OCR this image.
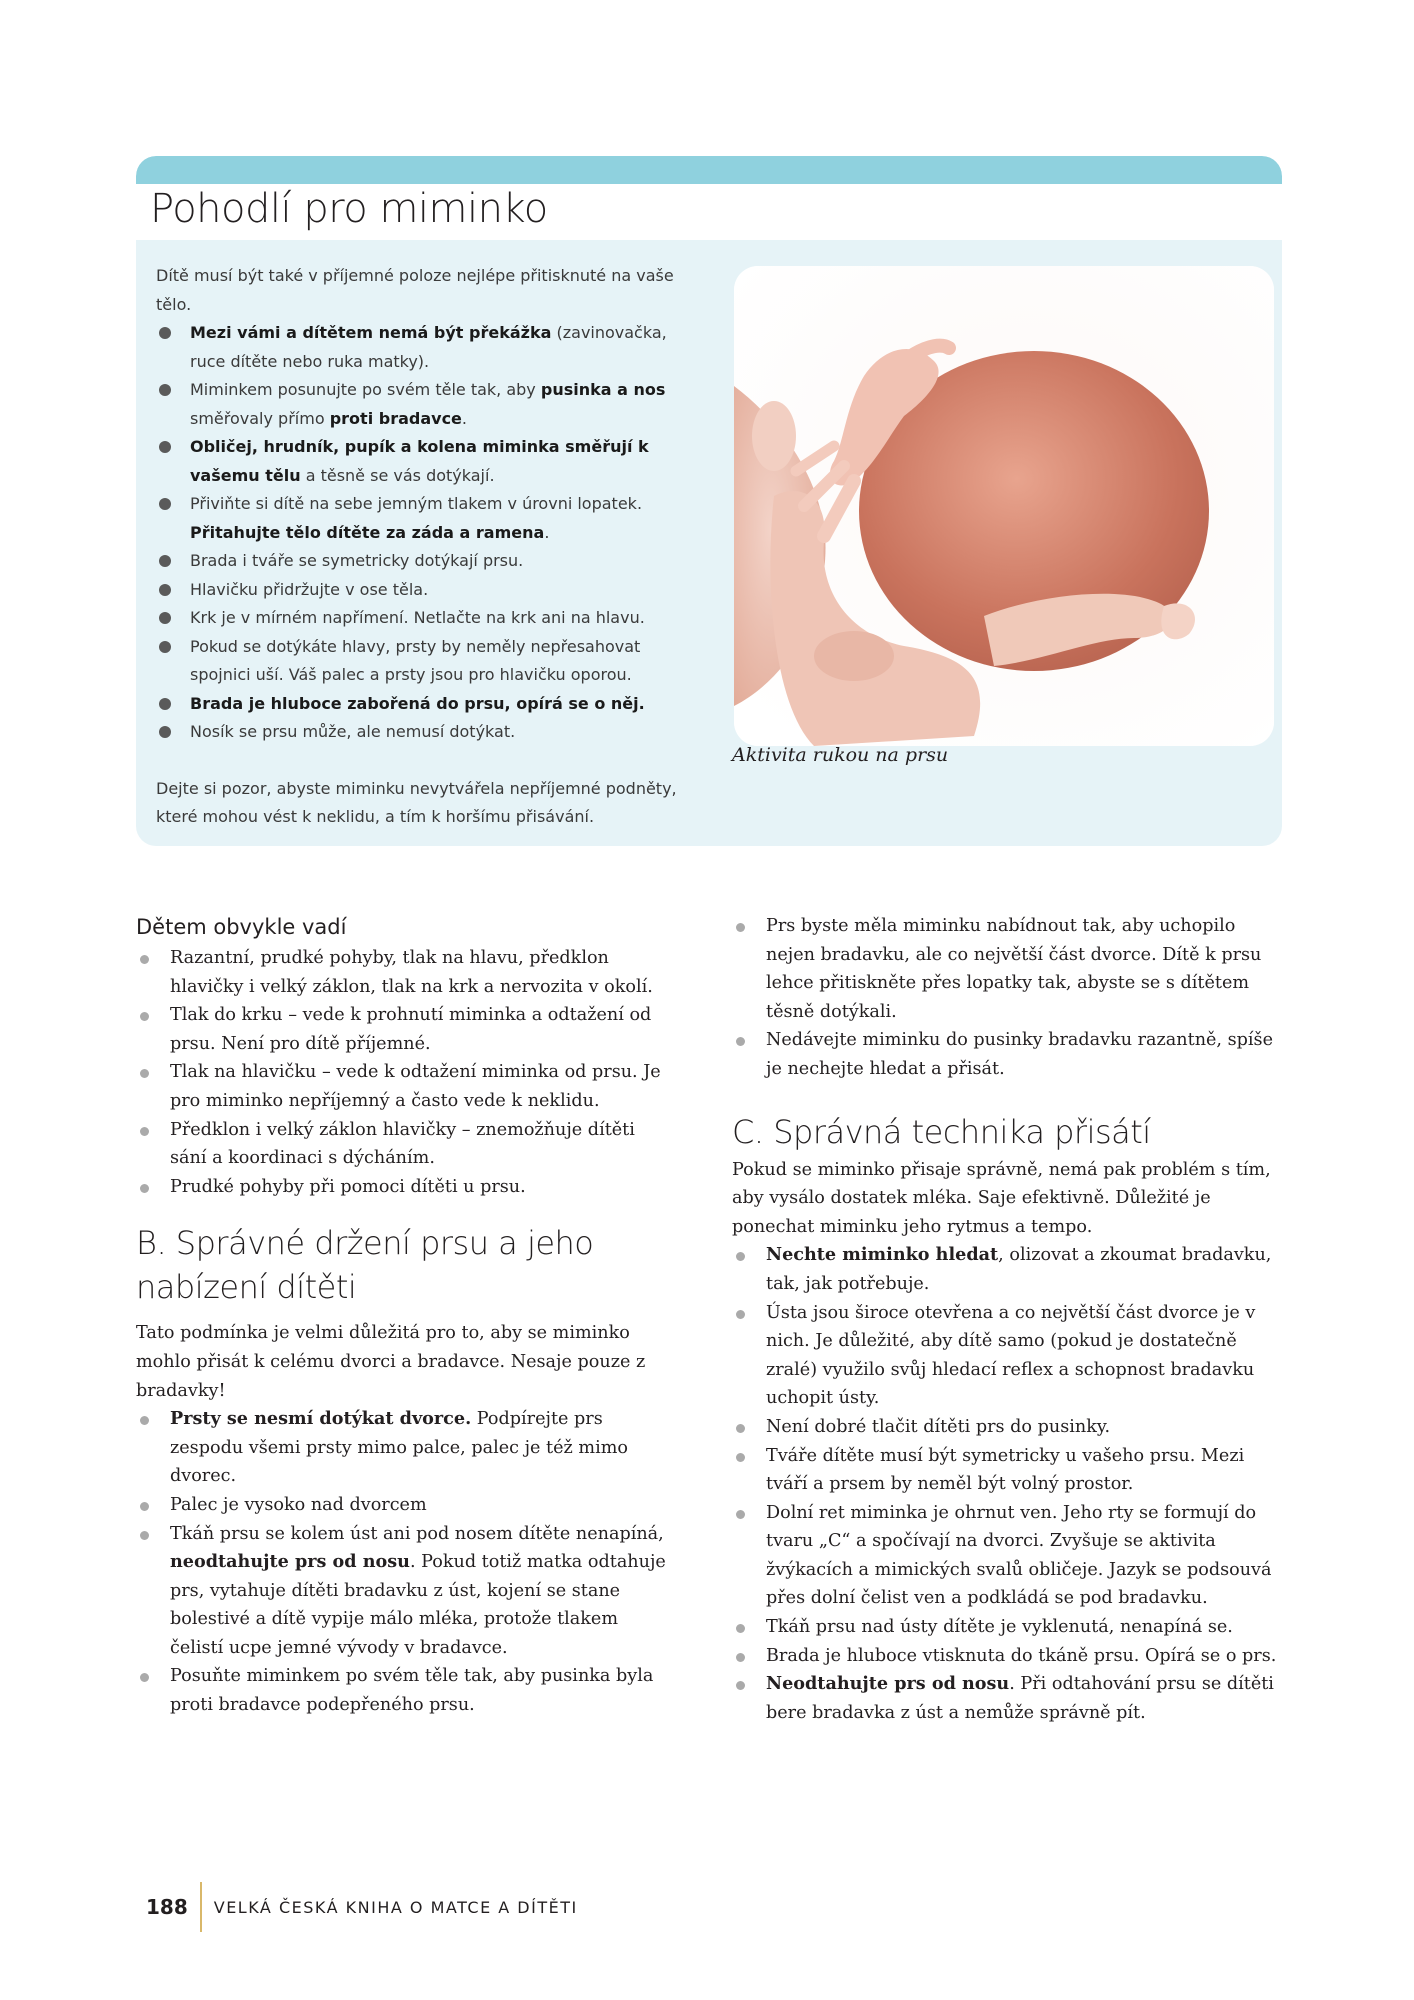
Pohodlí pro miminko

Dítě musí být také v příjemné poloze nejlépe přitisknuté na vaše tělo.

Mezi vámi a dítětem nemá být překážka (zavinovačka, ruce dítěte nebo ruka matky).
Miminkem posunujte po svém těle tak, aby pusinka a nos směřovaly přímo proti bradavce.
Obličej, hrudník, pupík a kolena miminka směřují k vašemu tělu a těsně se vás dotýkají.
Přiviňte si dítě na sebe jemným tlakem v úrovni lopatek. Přitahujte tělo dítěte za záda a ramena.
Brada i tváře se symetricky dotýkají prsu.
Hlavičku přidržujte v ose těla.
Krk je v mírném napřímení. Netlačte na krk ani na hlavu.
Pokud se dotýkáte hlavy, prsty by neměly nepřesahovat spojnici uší. Váš palec a prsty jsou pro hlavičku oporou.
Brada je hluboce zabořená do prsu, opírá se o něj.
Nosík se prsu může, ale nemusí dotýkat.

Dejte si pozor, abyste miminku nevytvářela nepříjemné podněty, které mohou vést k neklidu, a tím k horšímu přisávání.

Aktivita rukou na prsu

Dětem obvykle vadí
Razantní, prudké pohyby, tlak na hlavu, předklon hlavičky i velký záklon, tlak na krk a nervozita v okolí.
Tlak do krku – vede k prohnutí miminka a odtažení od prsu. Není pro dítě příjemné.
Tlak na hlavičku – vede k odtažení miminka od prsu. Je pro miminko nepříjemný a často vede k neklidu.
Předklon i velký záklon hlavičky – znemožňuje dítěti sání a koordinaci s dýcháním.
Prudké pohyby při pomoci dítěti u prsu.
B. Správné držení prsu a jeho nabízení dítěti

Tato podmínka je velmi důležitá pro to, aby se miminko mohlo přisát k celému dvorci a bradavce. Nesaje pouze z bradavky!

Prsty se nesmí dotýkat dvorce. Podpírejte prs zespodu všemi prsty mimo palce, palec je též mimo dvorec.
Palec je vysoko nad dvorcem
Tkáň prsu se kolem úst ani pod nosem dítěte nenapíná, neodtahujte prs od nosu. Pokud totiž matka odtahuje prs, vytahuje dítěti bradavku z úst, kojení se stane bolestivé a dítě vypije málo mléka, protože tlakem čelistí ucpe jemné vývody v bradavce.
Posuňte miminkem po svém těle tak, aby pusinka byla proti bradavce podepřeného prsu.
Prs byste měla miminku nabídnout tak, aby uchopilo nejen bradavku, ale co největší část dvorce. Dítě k prsu lehce přitiskněte přes lopatky tak, abyste se s dítětem těsně dotýkali.
Nedávejte miminku do pusinky bradavku razantně, spíše je nechejte hledat a přisát.
C. Správná technika přisátí

Pokud se miminko přisaje správně, nemá pak problém s tím, aby vysálo dostatek mléka. Saje efektivně. Důležité je ponechat miminku jeho rytmus a tempo.

Nechte miminko hledat, olizovat a zkoumat bradavku, tak, jak potřebuje.
Ústa jsou široce otevřena a co největší část dvorce je v nich. Je důležité, aby dítě samo (pokud je dostatečně zralé) využilo svůj hledací reflex a schopnost bradavku uchopit ústy.
Není dobré tlačit dítěti prs do pusinky.
Tváře dítěte musí být symetricky u vašeho prsu. Mezi tváří a prsem by neměl být volný prostor.
Dolní ret miminka je ohrnut ven. Jeho rty se formují do tvaru „C“ a spočívají na dvorci. Zvyšuje se aktivita žvýkacích a mimických svalů obličeje. Jazyk se podsouvá přes dolní čelist ven a podkládá se pod bradavku.
Tkáň prsu nad ústy dítěte je vyklenutá, nenapíná se.
Brada je hluboce vtisknuta do tkáně prsu. Opírá se o prs.
Neodtahujte prs od nosu. Při odtahování prsu se dítěti bere bradavka z úst a nemůže správně pít.
188 VELKÁ ČESKÁ KNIHA O MATCE A DÍTĚTI
